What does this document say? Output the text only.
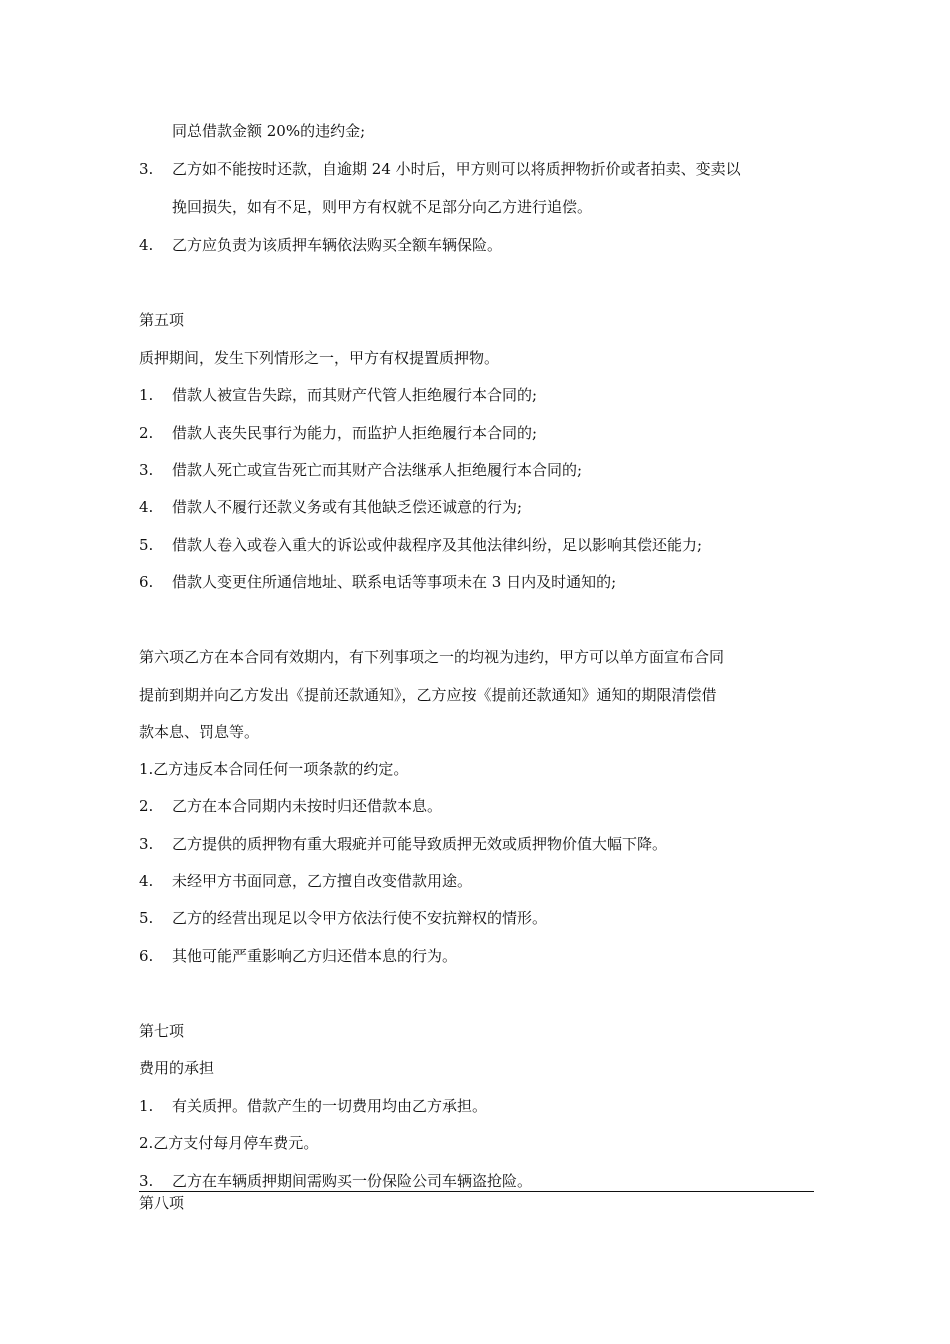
同总借款金额 20%的违约金;
3. 乙方如不能按时还款，自逾期 24 小时后，甲方则可以将质押物折价或者拍卖、变卖以
挽回损失，如有不足，则甲方有权就不足部分向乙方进行追偿。
4. 乙方应负责为该质押车辆依法购买全额车辆保险。
第五项
质押期间，发生下列情形之一，甲方有权提置质押物。
1. 借款人被宣告失踪，而其财产代管人拒绝履行本合同的;
2. 借款人丧失民事行为能力，而监护人拒绝履行本合同的;
3. 借款人死亡或宣告死亡而其财产合法继承人拒绝履行本合同的;
4. 借款人不履行还款义务或有其他缺乏偿还诚意的行为;
5. 借款人卷入或卷入重大的诉讼或仲裁程序及其他法律纠纷，足以影响其偿还能力;
6. 借款人变更住所通信地址、联系电话等事项未在 3 日内及时通知的;
第六项乙方在本合同有效期内，有下列事项之一的均视为违约，甲方可以单方面宣布合同
提前到期并向乙方发出《提前还款通知》，乙方应按《提前还款通知》通知的期限清偿借
款本息、罚息等。
1.乙方违反本合同任何一项条款的约定。
2. 乙方在本合同期内未按时归还借款本息。
3. 乙方提供的质押物有重大瑕疵并可能导致质押无效或质押物价值大幅下降。
4. 未经甲方书面同意，乙方擅自改变借款用途。
5. 乙方的经营出现足以令甲方依法行使不安抗辩权的情形。
6. 其他可能严重影响乙方归还借本息的行为。
第七项
费用的承担
1. 有关质押。借款产生的一切费用均由乙方承担。
2.乙方支付每月停车费元。
3. 乙方在车辆质押期间需购买一份保险公司车辆盗抢险。
第八项
